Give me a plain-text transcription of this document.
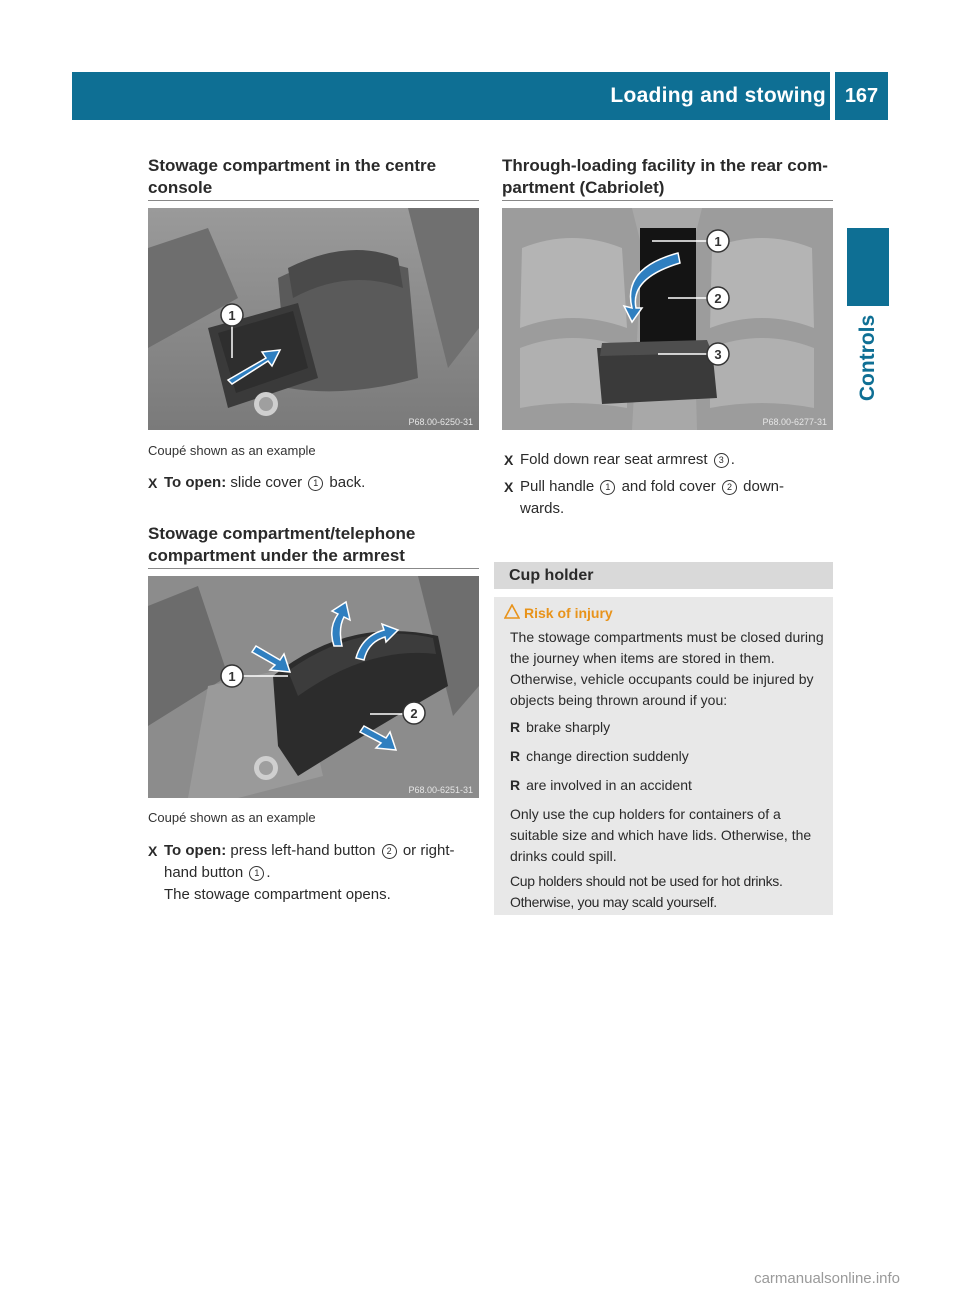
Loading and stowing 167
Controls
Stowage compartment in the centre
console
1
P68.00-6250-31
Coupé shown as an example
X To open: slide cover 1 back.
Stowage compartment/telephone
compartment under the armrest
1
2
P68.00-6251-31
Coupé shown as an example
X To open: press left-hand button 2 or right-
hand button 1 .
The stowage compartment opens.
Through-loading facility in the rear com-
partment (Cabriolet)
1
2
3
P68.00-6277-31
X Fold down rear seat armrest 3 .
X Pull handle 1 and fold cover 2 down-
wards.
Cup holder
Risk of injury

The stowage compartments must be closed during the journey when items are stored in them. Otherwise, vehicle occupants could be injured by objects being thrown around if you:

R brake sharply
R change direction suddenly
R are involved in an accident

Only use the cup holders for containers of a suitable size and which have lids. Otherwise, the drinks could spill.

Cup holders should not be used for hot drinks. Otherwise, you may scald yourself.

carmanualsonline.info
